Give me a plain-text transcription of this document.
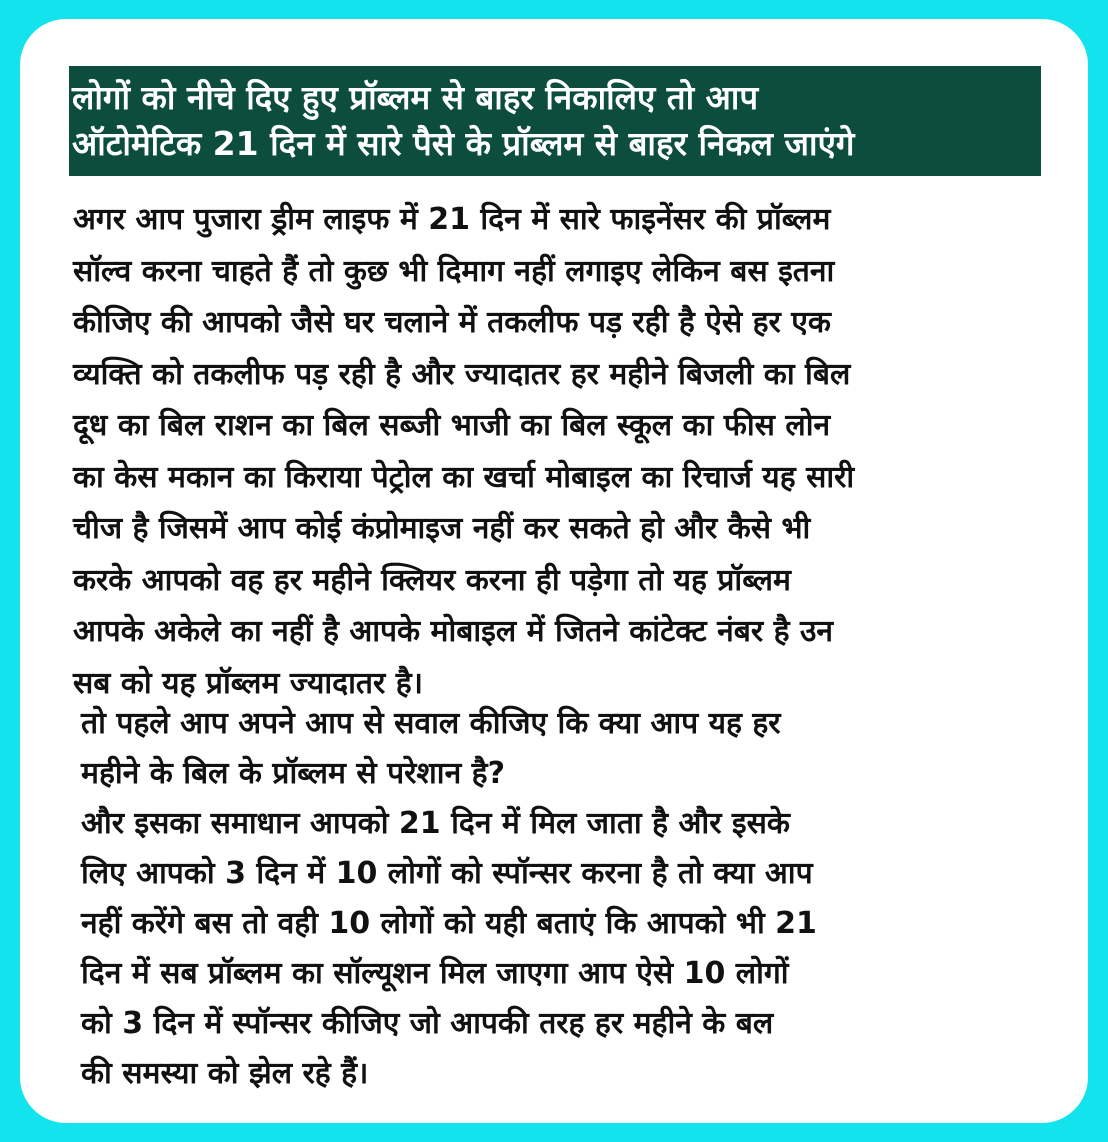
लोगों को नीचे दिए हुए प्रॉब्लम से बाहर निकालिए तो आप
ऑटोमेटिक 21 दिन में सारे पैसे के प्रॉब्लम से बाहर निकल जाएंगे
अगर आप पुजारा ड्रीम लाइफ में 21 दिन में सारे फाइनेंसर की प्रॉब्लम
सॉल्व करना चाहते हैं तो कुछ भी दिमाग नहीं लगाइए लेकिन बस इतना
कीजिए की आपको जैसे घर चलाने में तकलीफ पड़ रही है ऐसे हर एक
व्यक्ति को तकलीफ पड़ रही है और ज्यादातर हर महीने बिजली का बिल
दूध का बिल राशन का बिल सब्जी भाजी का बिल स्कूल का फीस लोन
का केस मकान का किराया पेट्रोल का खर्चा मोबाइल का रिचार्ज यह सारी
चीज है जिसमें आप कोई कंप्रोमाइज नहीं कर सकते हो और कैसे भी
करके आपको वह हर महीने क्लियर करना ही पड़ेगा तो यह प्रॉब्लम
आपके अकेले का नहीं है आपके मोबाइल में जितने कांटेक्ट नंबर है उन
सब को यह प्रॉब्लम ज्यादातर है।
तो पहले आप अपने आप से सवाल कीजिए कि क्या आप यह हर
महीने के बिल के प्रॉब्लम से परेशान है?
और इसका समाधान आपको 21 दिन में मिल जाता है और इसके
लिए आपको 3 दिन में 10 लोगों को स्पॉन्सर करना है तो क्या आप
नहीं करेंगे बस तो वही 10 लोगों को यही बताएं कि आपको भी 21
दिन में सब प्रॉब्लम का सॉल्यूशन मिल जाएगा आप ऐसे 10 लोगों
को 3 दिन में स्पॉन्सर कीजिए जो आपकी तरह हर महीने के बल
की समस्या को झेल रहे हैं।
